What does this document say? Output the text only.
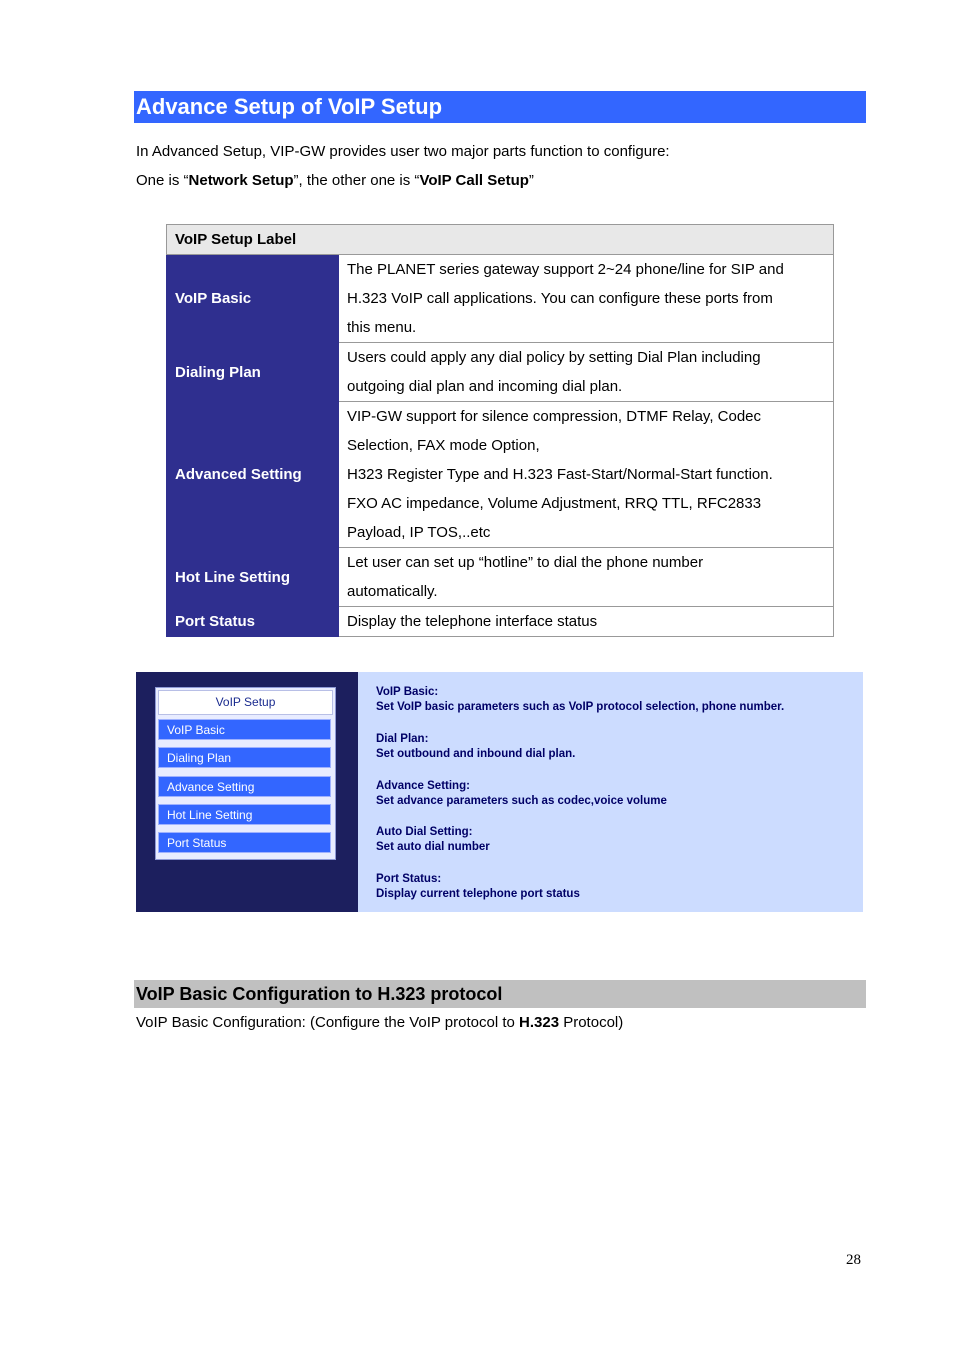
Advance Setup of VoIP Setup
In Advanced Setup, VIP-GW provides user two major parts function to configure:
One is “Network Setup”, the other one is “VoIP Call Setup”
VoIP Setup Label	
VoIP Basic	The PLANET series gateway support 2~24 phone/line for SIP and
H.323 VoIP call applications. You can configure these ports from
this menu.

Dialing Plan	Users could apply any dial policy by setting Dial Plan including
outgoing dial plan and incoming dial plan.

Advanced Setting	VIP-GW support for silence compression, DTMF Relay, Codec
Selection, FAX mode Option,
H323 Register Type and H.323 Fast-Start/Normal-Start function.
FXO AC impedance, Volume Adjustment, RRQ TTL, RFC2833
Payload, IP TOS,..etc

Hot Line Setting	Let user can set up “hotline” to dial the phone number
automatically.

Port Status	Display the telephone interface status
VoIP Setup
VoIP Basic
Dialing Plan
Advance Setting
Hot Line Setting
Port Status
VoIP Basic:
Set VoIP basic parameters such as VoIP protocol selection, phone number.
Dial Plan:
Set outbound and inbound dial plan.
Advance Setting:
Set advance parameters such as codec,voice volume
Auto Dial Setting:
Set auto dial number
Port Status:
Display current telephone port status
VoIP Basic Configuration to H.323 protocol
VoIP Basic Configuration: (Configure the VoIP protocol to H.323 Protocol)
28
